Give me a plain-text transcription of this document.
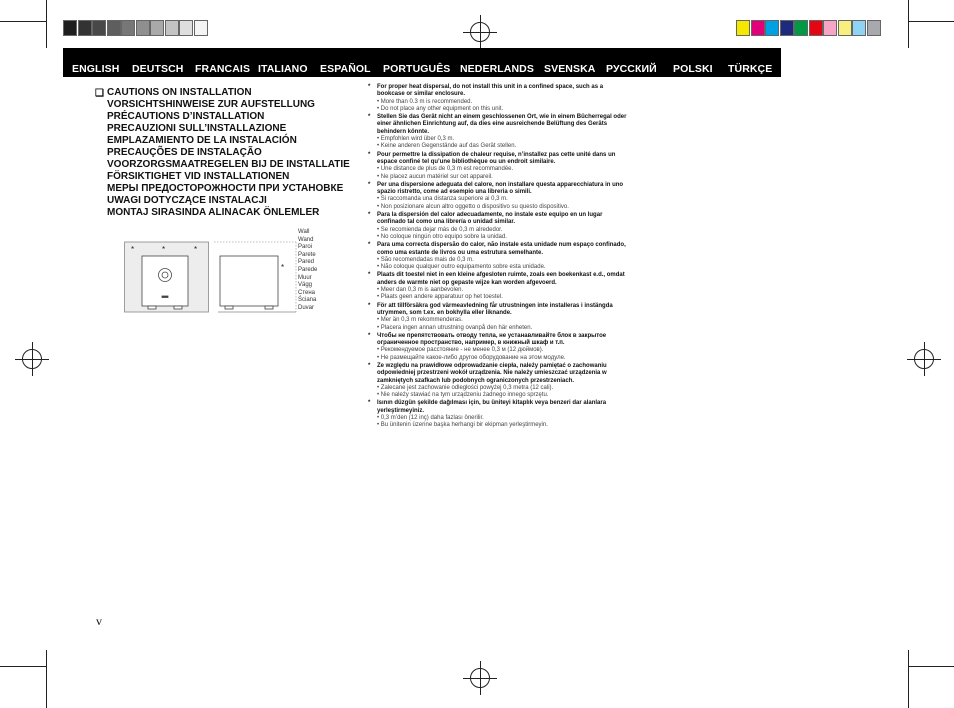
ENGLISH DEUTSCH FRANCAIS ITALIANO ESPAÑOL PORTUGUÊS NEDERLANDS SVENSKA РУССКИЙ POLSKI TÜRKÇE
❑ CAUTIONS ON INSTALLATION
VORSICHTSHINWEISE ZUR AUFSTELLUNG
PRÉCAUTIONS D’INSTALLATION
PRECAUZIONI SULL’INSTALLAZIONE
EMPLAZAMIENTO DE LA INSTALACIÓN
PRECAUÇÕES DE INSTALAÇÃO
VOORZORGSMAATREGELEN BIJ DE INSTALLATIE
FÖRSIKTIGHET VID INSTALLATIONEN
МЕРЫ ПРЕДОСТОРОЖНОСТИ ПРИ УСТАНОВКЕ
UWAGI DOTYCZĄCE INSTALACJI
MONTAJ SIRASINDA ALINACAK ÖNLEMLER
*	*
*
*
Wall
Wand
Paroi
Parete
Pared
Parede
Muur
Vägg
Стена
Ściana
Duvar
* For proper heat dispersal, do not install this unit in a confined space, such as a bookcase or similar enclosure.
• More than 0.3 m is recommended.
• Do not place any other equipment on this unit.
* Stellen Sie das Gerät nicht an einem geschlossenen Ort, wie in einem Bücherregal oder einer ähnlichen Einrichtung auf, da dies eine ausreichende Belüftung des Geräts behindern könnte.
• Empfohlen wird über 0,3 m.
• Keine anderen Gegenstände auf das Gerät stellen.
* Pour permettre la dissipation de chaleur requise, n’installez pas cette unité dans un espace confiné tel qu’une bibliothèque ou un endroit similaire.
• Une distance de plus de 0,3 m est recommandée.
• Ne placez aucun matériel sur cet appareil.
* Per una dispersione adeguata del calore, non installare questa apparecchiatura in uno spazio ristretto, come ad esempio una libreria o simili.
• Si raccomanda una distanza superiore ai 0,3 m.
• Non posizionare alcun altro oggetto o dispositivo su questo dispositivo.
* Para la dispersión del calor adecuadamente, no instale este equipo en un lugar confinado tal como una librería o unidad similar.
• Se recomienda dejar más de 0,3 m alrededor.
• No coloque ningún otro equipo sobre la unidad.
* Para uma correcta dispersão do calor, não instale esta unidade num espaço confinado, como uma estante de livros ou uma estrutura semelhante.
• São recomendadas mais de 0,3 m.
• Não coloque qualquer outro equipamento sobre esta unidade.
* Plaats dit toestel niet in een kleine afgesloten ruimte, zoals een boekenkast e.d., omdat anders de warmte niet op gepaste wijze kan worden afgevoerd.
• Meer dan 0,3 m is aanbevolen.
• Plaats geen andere apparatuur op het toestel.
* För att tillförsäkra god värmeavledning får utrustningen inte installeras i instängda utrymmen, som t.ex. en bokhylla eller liknande.
• Mer än 0,3 m rekommenderas.
• Placera ingen annan utrustning ovanpå den här enheten.
* Чтобы не препятствовать отводу тепла, не устанавливайте блок в закрытое ограниченное пространство, например, в книжный шкаф и т.п.
• Рекомендуемое расстояние - не менее 0,3 м (12 дюймов).
• Не размещайте какое-либо другое оборудование на этом модуле.
* Ze względu na prawidłowe odprowadzanie ciepła, należy pamiętać o zachowaniu odpowiedniej przestrzeni wokół urządzenia. Nie należy umieszczać urządzenia w zamkniętych szafkach lub podobnych ograniczonych przestrzeniach.
• Zalecane jest zachowanie odległości powyżej 0,3 metra (12 cali).
• Nie należy stawiać na tym urządzeniu żadnego innego sprzętu.
* Isının düzgün şekilde dağılması için, bu üniteyi kitaplık veya benzeri dar alanlara yerleştirmeyiniz.
• 0,3 m’den (12 inç) daha fazlası önerilir.
• Bu ünitenin üzerine başka herhangi bir ekipman yerleştirmeyin.
v
